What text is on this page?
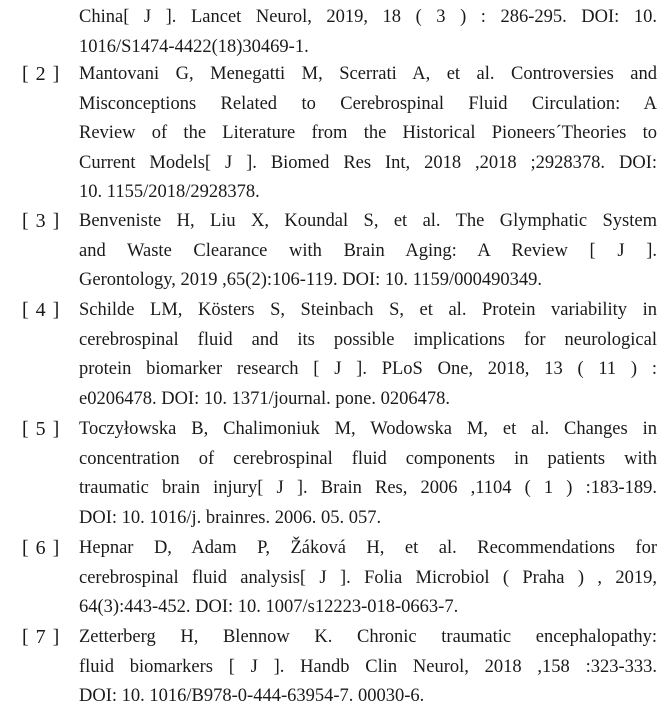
China[ J ]. Lancet Neurol, 2019, 18 ( 3 ) : 286-295. DOI: 10.
1016/S1474-4422(18)30469-1.
[ 2 ] Mantovani G, Menegatti M, Scerrati A, et al. Controversies and
Misconceptions Related to Cerebrospinal Fluid Circulation: A
Review of the Literature from the Historical Pioneers´Theories to
Current Models[ J ]. Biomed Res Int, 2018 ,2018 ;2928378. DOI:
10. 1155/2018/2928378.
[ 3 ] Benveniste H, Liu X, Koundal S, et al. The Glymphatic System
and Waste Clearance with Brain Aging: A Review [ J ].
Gerontology, 2019 ,65(2):106-119. DOI: 10. 1159/000490349.
[ 4 ] Schilde LM, Kösters S, Steinbach S, et al. Protein variability in
cerebrospinal fluid and its possible implications for neurological
protein biomarker research [ J ]. PLoS One, 2018, 13 ( 11 ) :
e0206478. DOI: 10. 1371/journal. pone. 0206478.
[ 5 ] Toczyłowska B, Chalimoniuk M, Wodowska M, et al. Changes in
concentration of cerebrospinal fluid components in patients with
traumatic brain injury[ J ]. Brain Res, 2006 ,1104 ( 1 ) :183-189.
DOI: 10. 1016/j. brainres. 2006. 05. 057.
[ 6 ] Hepnar D, Adam P, Žáková H, et al. Recommendations for
cerebrospinal fluid analysis[ J ]. Folia Microbiol ( Praha ) , 2019,
64(3):443-452. DOI: 10. 1007/s12223-018-0663-7.
[ 7 ] Zetterberg H, Blennow K. Chronic traumatic encephalopathy:
fluid biomarkers [ J ]. Handb Clin Neurol, 2018 ,158 :323-333.
DOI: 10. 1016/B978-0-444-63954-7. 00030-6.
